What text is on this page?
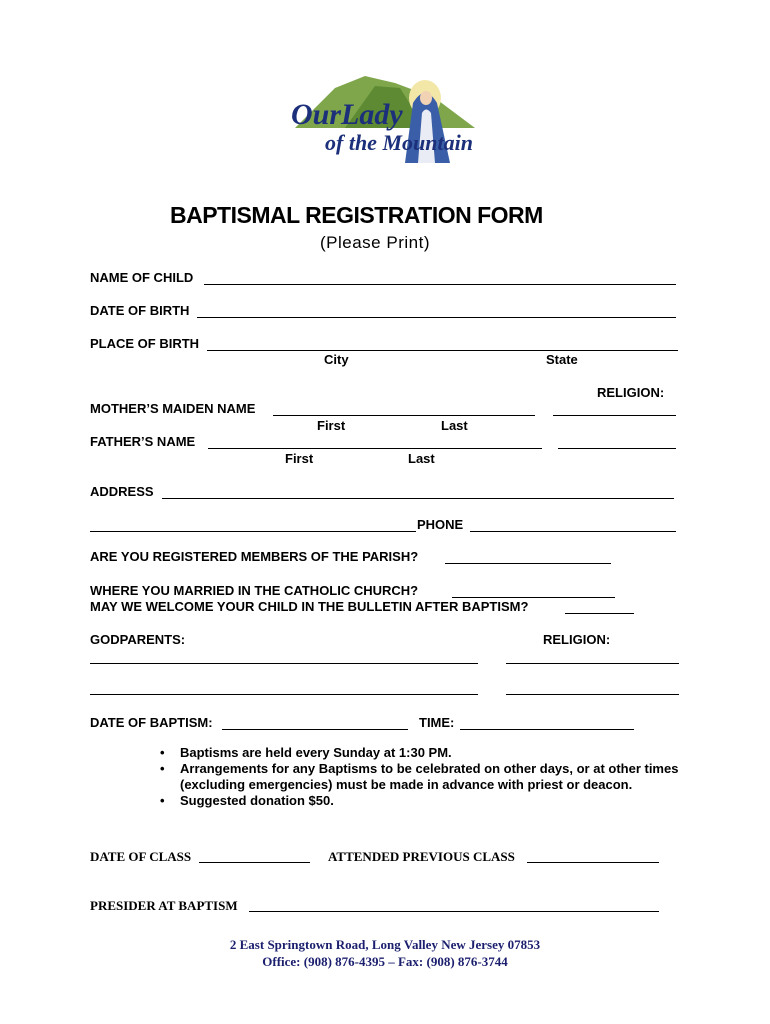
OurLady
of the Mountain
BAPTISMAL REGISTRATION FORM
(Please Print)
NAME OF CHILD
DATE OF BIRTH
PLACE OF BIRTH
City	State
RELIGION:
MOTHER’S MAIDEN NAME
First	Last
FATHER’S NAME
First	Last
ADDRESS
PHONE
ARE YOU REGISTERED MEMBERS OF THE PARISH?
WHERE YOU MARRIED IN THE CATHOLIC CHURCH?
MAY WE WELCOME YOUR CHILD IN THE BULLETIN AFTER BAPTISM?
GODPARENTS:	RELIGION:
DATE OF BAPTISM:	TIME:
• Baptisms are held every Sunday at 1:30 PM.
• Arrangements for any Baptisms to be celebrated on other days, or at other times (excluding emergencies) must be made in advance with priest or deacon.
• Suggested donation $50.
DATE OF CLASS	ATTENDED PREVIOUS CLASS
PRESIDER AT BAPTISM
2 East Springtown Road, Long Valley New Jersey 07853
Office: (908) 876-4395 – Fax: (908) 876-3744
